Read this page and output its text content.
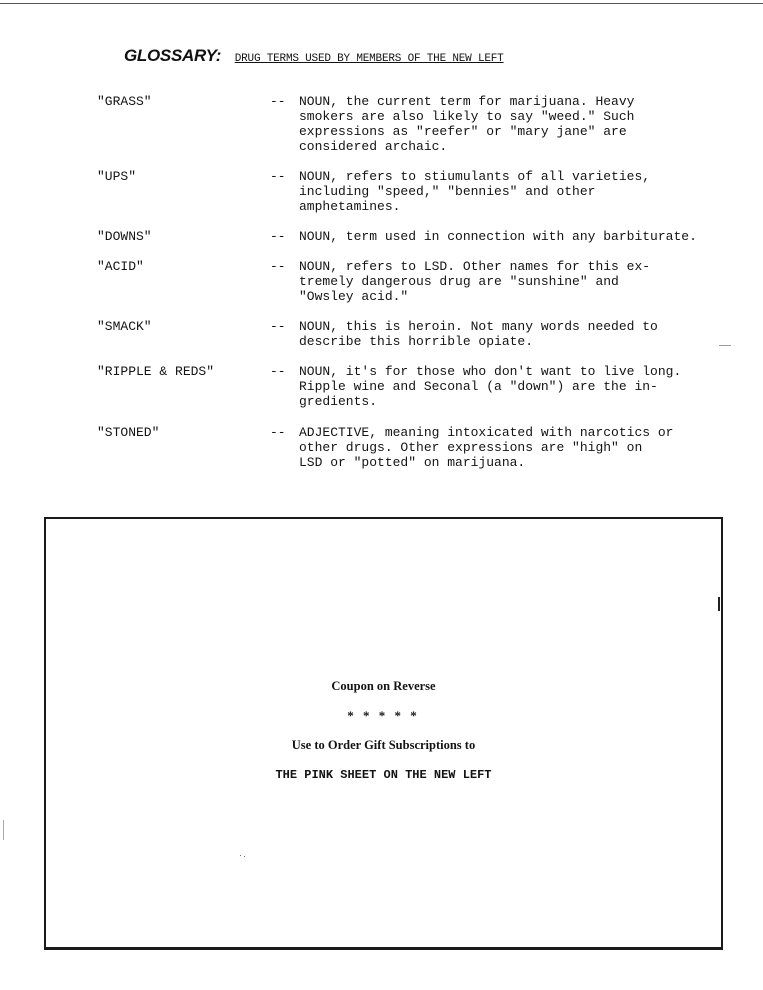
GLOSSARY: DRUG TERMS USED BY MEMBERS OF THE NEW LEFT
"GRASS"	-- NOUN, the current term for marijuana. Heavy
smokers are also likely to say "weed." Such
expressions as "reefer" or "mary jane" are
considered archaic.
"UPS"	-- NOUN, refers to stiumulants of all varieties,
including "speed," "bennies" and other
amphetamines.
"DOWNS"	-- NOUN, term used in connection with any barbiturate.
"ACID"	-- NOUN, refers to LSD. Other names for this ex-
tremely dangerous drug are "sunshine" and
"Owsley acid."
"SMACK"	-- NOUN, this is heroin. Not many words needed to
describe this horrible opiate.
"RIPPLE & REDS"	-- NOUN, it's for those who don't want to live long.
Ripple wine and Seconal (a "down") are the in-
gredients.
"STONED"	-- ADJECTIVE, meaning intoxicated with narcotics or
other drugs. Other expressions are "high" on
LSD or "potted" on marijuana.
Coupon on Reverse
* * * * *
Use to Order Gift Subscriptions to
THE PINK SHEET ON THE NEW LEFT
